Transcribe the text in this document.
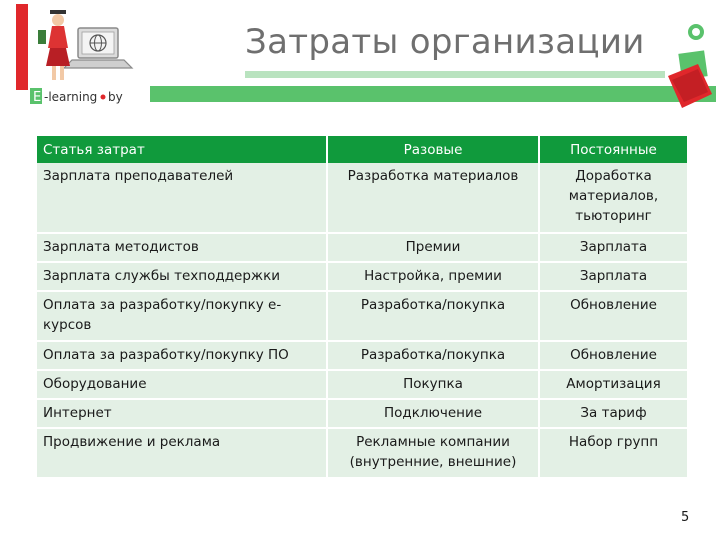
E -learning by
Затраты организации
Статья затрат	Разовые	Постоянные
Зарплата преподавателей	Разработка материалов	Доработка материалов, тьюторинг
Зарплата методистов	Премии	Зарплата
Зарплата службы техподдержки	Настройка, премии	Зарплата
Оплата за разработку/покупку е-курсов	Разработка/покупка	Обновление
Оплата за разработку/покупку ПО	Разработка/покупка	Обновление
Оборудование	Покупка	Амортизация
Интернет	Подключение	За тариф
Продвижение и реклама	Рекламные компании (внутренние, внешние)	Набор групп
5
